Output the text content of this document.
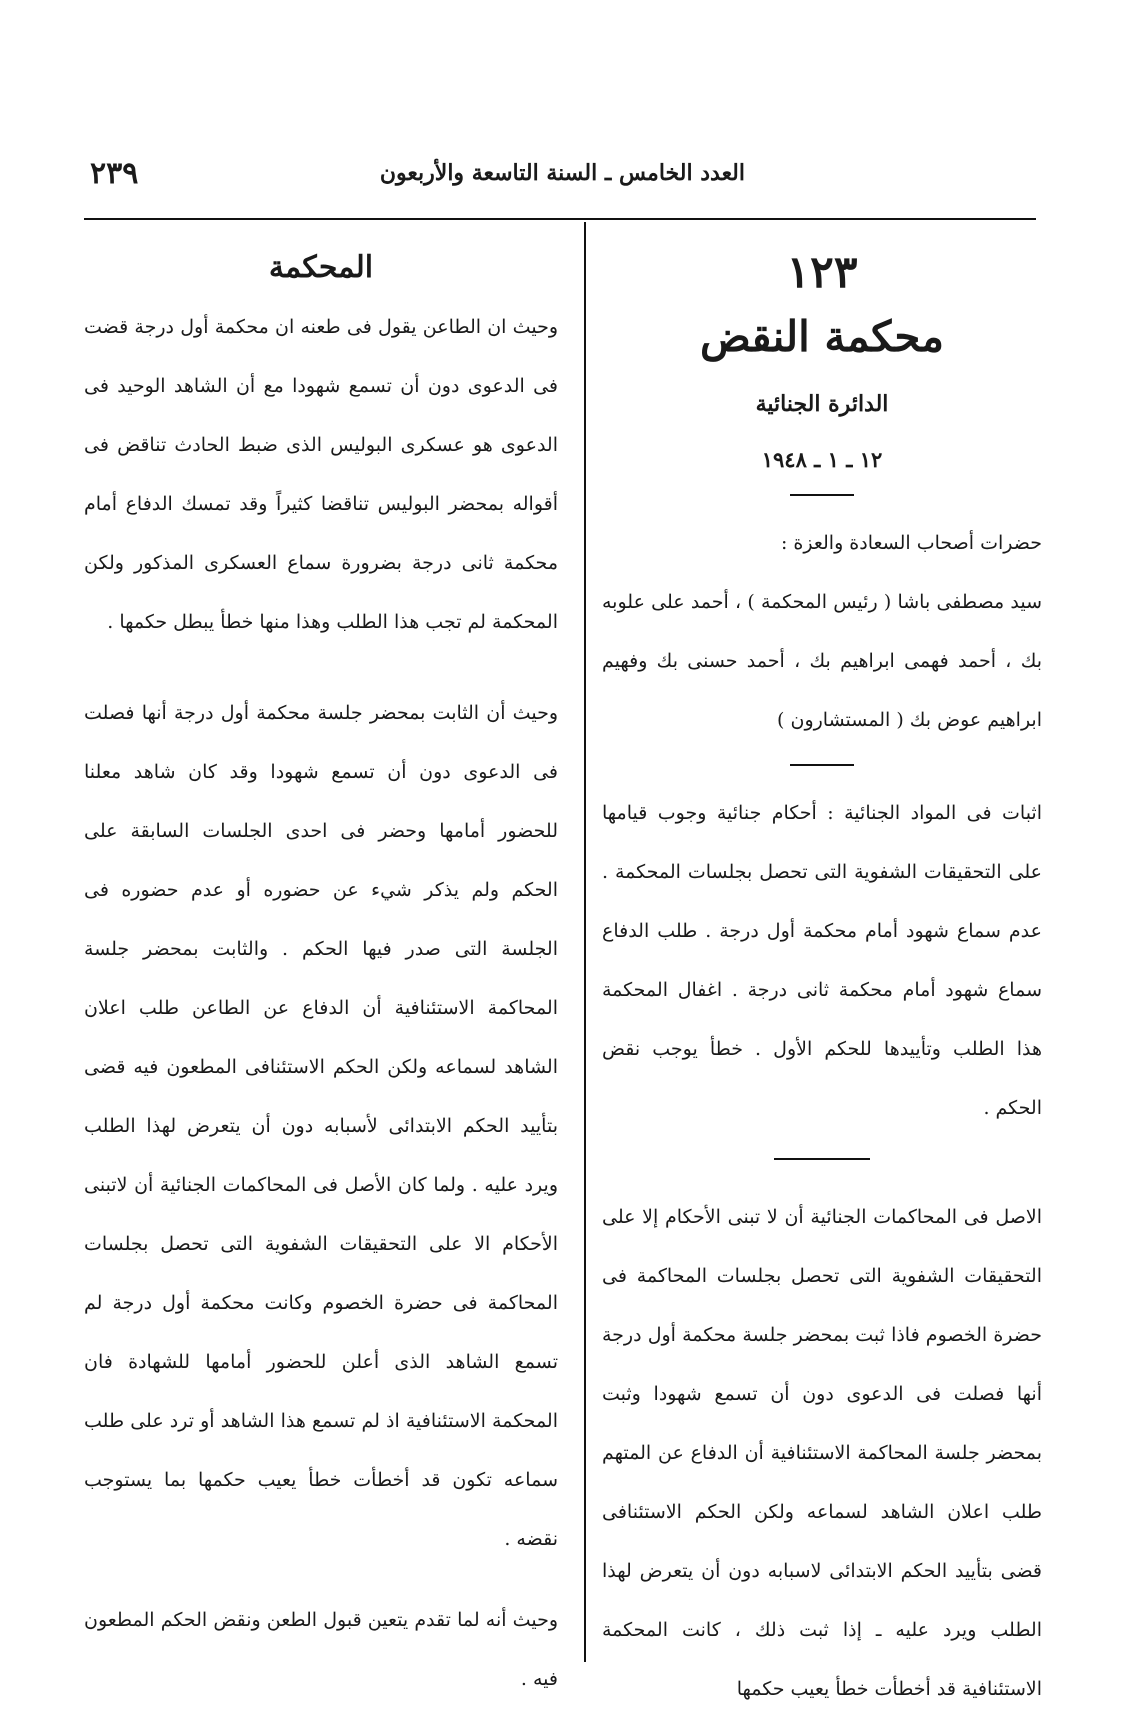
العدد الخامس ـ السنة التاسعة والأربعون
٢٣٩
١٢٣
محكمة النقض
الدائرة الجنائية
١٢ ـ ١ ـ ١٩٤٨

حضرات أصحاب السعادة والعزة :

سيد مصطفى باشا ( رئيس المحكمة ) ، أحمد على علوبه بك ، أحمد فهمى ابراهيم بك ، أحمد حسنى بك وفهيم ابراهيم عوض بك ( المستشارون )

اثبات فى المواد الجنائية : أحكام جنائية وجوب قيامها على التحقيقات الشفوية التى تحصل بجلسات المحكمة . عدم سماع شهود أمام محكمة أول درجة . طلب الدفاع سماع شهود أمام محكمة ثانى درجة . اغفال المحكمة هذا الطلب وتأييدها للحكم الأول . خطأ يوجب نقض الحكم .

الاصل فى المحاكمات الجنائية أن لا تبنى الأحكام إلا على التحقيقات الشفوية التى تحصل بجلسات المحاكمة فى حضرة الخصوم فاذا ثبت بمحضر جلسة محكمة أول درجة أنها فصلت فى الدعوى دون أن تسمع شهودا وثبت بمحضر جلسة المحاكمة الاستئنافية أن الدفاع عن المتهم طلب اعلان الشاهد لسماعه ولكن الحكم الاستئنافى قضى بتأييد الحكم الابتدائى لاسبابه دون أن يتعرض لهذا الطلب ويرد عليه ـ إذا ثبت ذلك ، كانت المحكمة الاستئنافية قد أخطأت خطأ يعيب حكمها

المحكمة

وحيث ان الطاعن يقول فى طعنه ان محكمة أول درجة قضت فى الدعوى دون أن تسمع شهودا مع أن الشاهد الوحيد فى الدعوى هو عسكرى البوليس الذى ضبط الحادث تناقض فى أقواله بمحضر البوليس تناقضا كثيراً وقد تمسك الدفاع أمام محكمة ثانى درجة بضرورة سماع العسكرى المذكور ولكن المحكمة لم تجب هذا الطلب وهذا منها خطأ يبطل حكمها .

وحيث أن الثابت بمحضر جلسة محكمة أول درجة أنها فصلت فى الدعوى دون أن تسمع شهودا وقد كان شاهد معلنا للحضور أمامها وحضر فى احدى الجلسات السابقة على الحكم ولم يذكر شيء عن حضوره أو عدم حضوره فى الجلسة التى صدر فيها الحكم . والثابت بمحضر جلسة المحاكمة الاستئنافية أن الدفاع عن الطاعن طلب اعلان الشاهد لسماعه ولكن الحكم الاستئنافى المطعون فيه قضى بتأييد الحكم الابتدائى لأسبابه دون أن يتعرض لهذا الطلب ويرد عليه . ولما كان الأصل فى المحاكمات الجنائية أن لاتبنى الأحكام الا على التحقيقات الشفوية التى تحصل بجلسات المحاكمة فى حضرة الخصوم وكانت محكمة أول درجة لم تسمع الشاهد الذى أعلن للحضور أمامها للشهادة فان المحكمة الاستئنافية اذ لم تسمع هذا الشاهد أو ترد على طلب سماعه تكون قد أخطأت خطأ يعيب حكمها بما يستوجب نقضه .

وحيث أنه لما تقدم يتعين قبول الطعن ونقض الحكم المطعون فيه .
